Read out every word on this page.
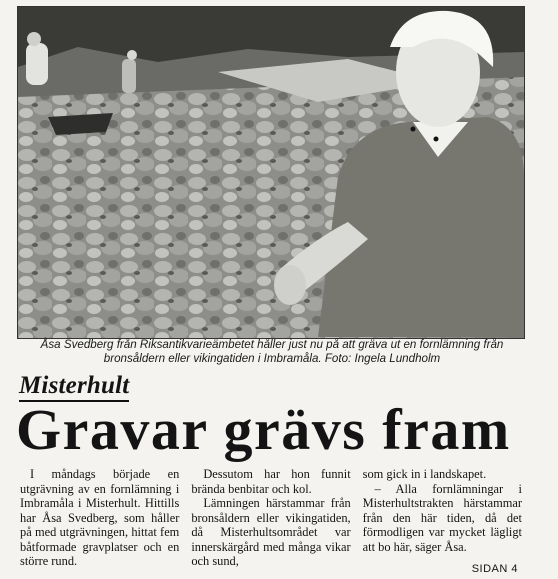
Åsa Svedberg från Riksantikvarieämbetet håller just nu på att gräva ut en fornlämning från
bronsåldern eller vikingatiden i Imbramåla. Foto: Ingela Lundholm
Misterhult
Gravar grävs fram

I måndags började en utgrävning av en fornlämning i Imbramåla i Misterhult. Hittills har Åsa Svedberg, som håller på med utgrävningen, hittat fem båtformade gravplatser och en större rund.

Dessutom har hon funnit brända benbitar och kol.

Lämningen härstammar från bronsåldern eller vikingatiden, då Misterhultsområdet var innerskärgård med många vikar och sund,

som gick in i landskapet.

– Alla fornlämningar i Misterhultstrakten härstammar från den här tiden, då det förmodligen var mycket lägligt att bo här, säger Åsa.

SIDAN 4
